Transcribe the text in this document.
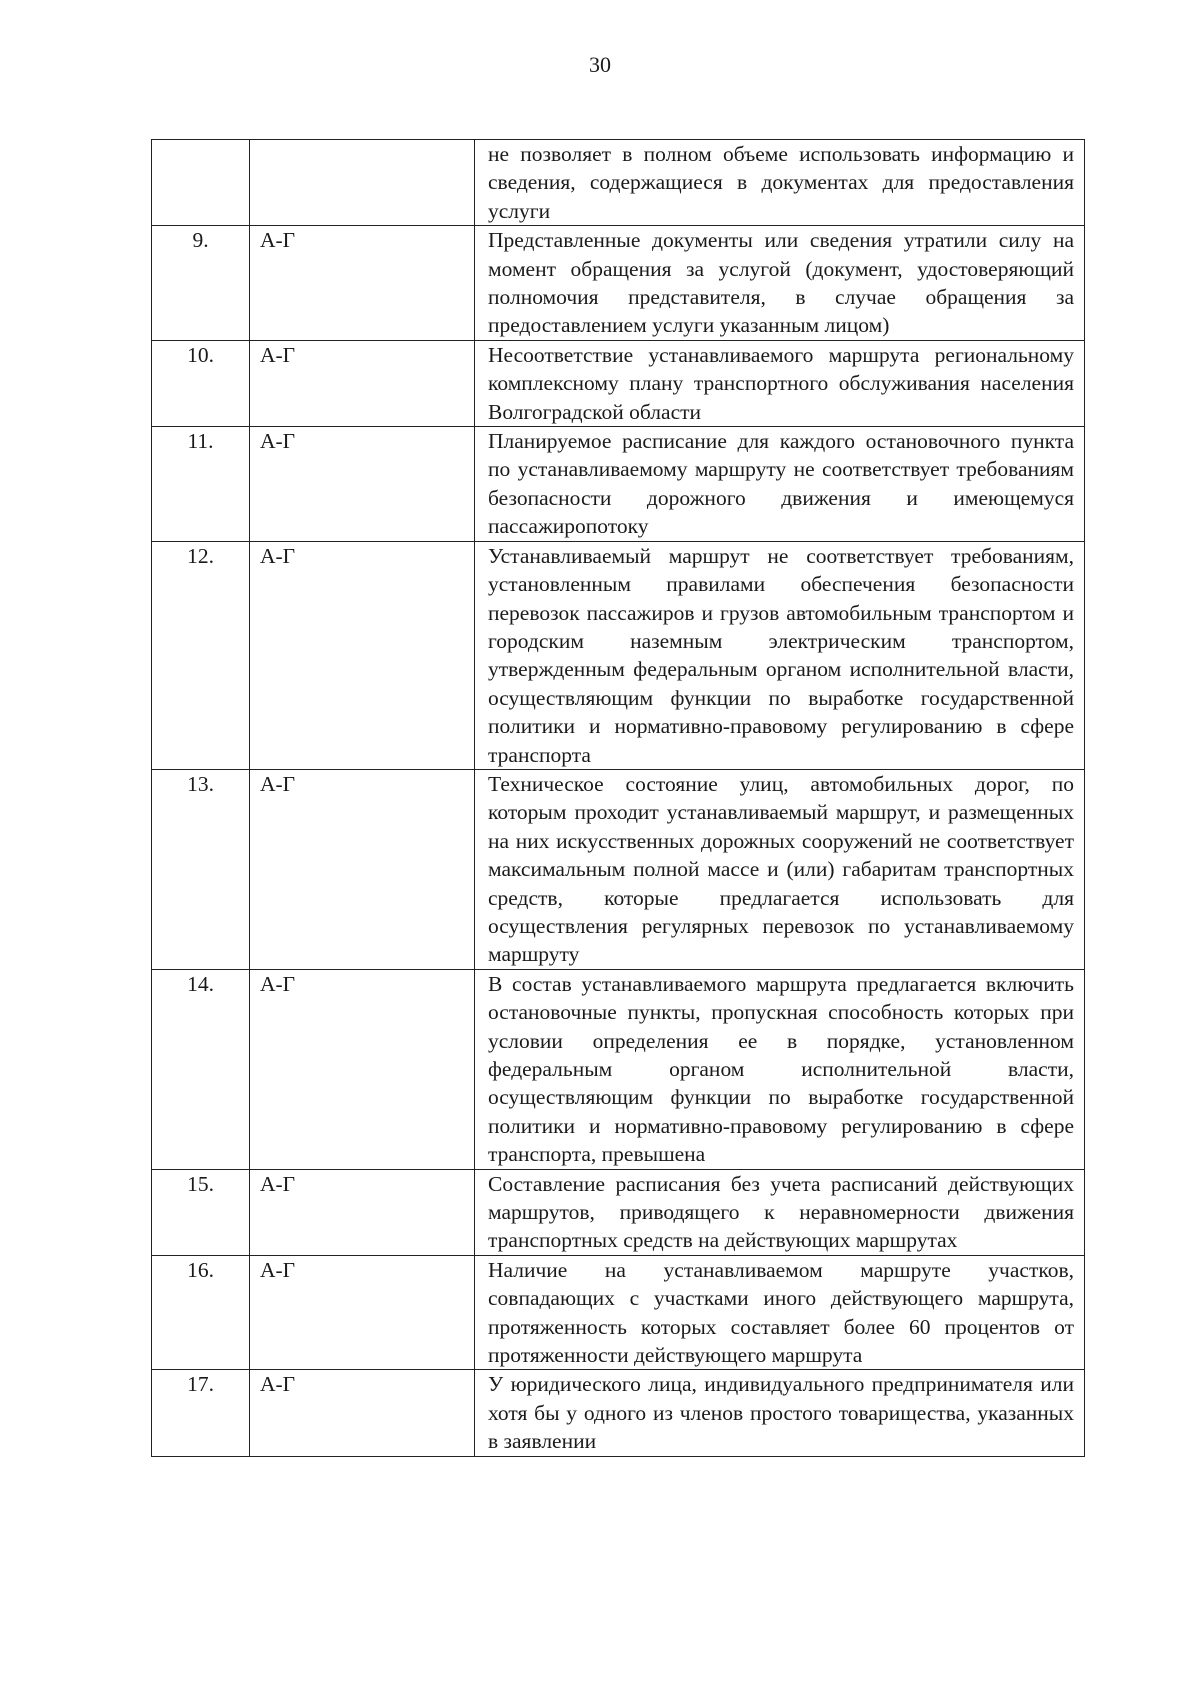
30
		не позволяет в полном объеме использовать информацию и сведения, содержащиеся в документах для предоставления услуги
9.	А-Г	Представленные документы или сведения утратили силу на момент обращения за услугой (документ, удостоверяющий полномочия представителя, в случае обращения за предоставлением услуги указанным лицом)
10.	А-Г	Несоответствие устанавливаемого маршрута региональному комплексному плану транспортного обслуживания населения Волгоградской области
11.	А-Г	Планируемое расписание для каждого остановочного пункта по устанавливаемому маршруту не соответствует требованиям безопасности дорожного движения и имеющемуся пассажиропотоку
12.	А-Г	Устанавливаемый маршрут не соответствует требованиям, установленным правилами обеспечения безопасности перевозок пассажиров и грузов автомобильным транспортом и городским наземным электрическим транспортом, утвержденным федеральным органом исполнительной власти, осуществляющим функции по выработке государственной политики и нормативно-правовому регулированию в сфере транспорта
13.	А-Г	Техническое состояние улиц, автомобильных дорог, по которым проходит устанавливаемый маршрут, и размещенных на них искусственных дорожных сооружений не соответствует максимальным полной массе и (или) габаритам транспортных средств, которые предлагается использовать для осуществления регулярных перевозок по устанавливаемому маршруту
14.	А-Г	В состав устанавливаемого маршрута предлагается включить остановочные пункты, пропускная способность которых при условии определения ее в порядке, установленном федеральным органом исполнительной власти, осуществляющим функции по выработке государственной политики и нормативно-правовому регулированию в сфере транспорта, превышена
15.	А-Г	Составление расписания без учета расписаний действующих маршрутов, приводящего к неравномерности движения транспортных средств на действующих маршрутах
16.	А-Г	Наличие на устанавливаемом маршруте участков, совпадающих с участками иного действующего маршрута, протяженность которых составляет более 60 процентов от протяженности действующего маршрута
17.	А-Г	У юридического лица, индивидуального предпринимателя или хотя бы у одного из членов простого товарищества, указанных в заявлении
